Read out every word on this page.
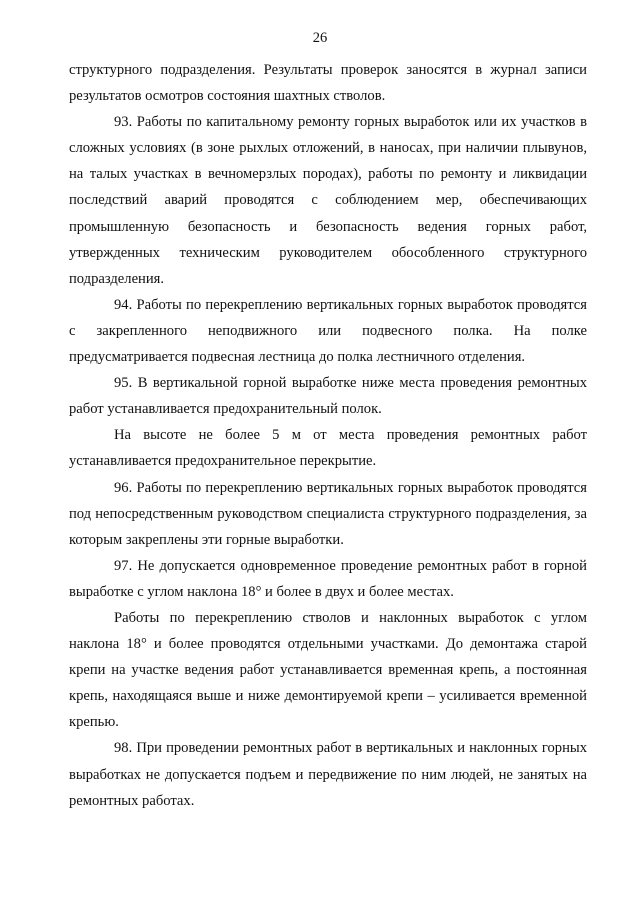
26

структурного подразделения. Результаты проверок заносятся в журнал записи результатов осмотров состояния шахтных стволов.

93. Работы по капитальному ремонту горных выработок или их участков в сложных условиях (в зоне рыхлых отложений, в наносах, при наличии плывунов, на талых участках в вечномерзлых породах), работы по ремонту и ликвидации последствий аварий проводятся с соблюдением мер, обеспечивающих промышленную безопасность и безопасность ведения горных работ, утвержденных техническим руководителем обособленного структурного подразделения.

94. Работы по перекреплению вертикальных горных выработок проводятся с закрепленного неподвижного или подвесного полка. На полке предусматривается подвесная лестница до полка лестничного отделения.

95. В вертикальной горной выработке ниже места проведения ремонтных работ устанавливается предохранительный полок.

На высоте не более 5 м от места проведения ремонтных работ устанавливается предохранительное перекрытие.

96. Работы по перекреплению вертикальных горных выработок проводятся под непосредственным руководством специалиста структурного подразделения, за которым закреплены эти горные выработки.

97. Не допускается одновременное проведение ремонтных работ в горной выработке с углом наклона 18° и более в двух и более местах.

Работы по перекреплению стволов и наклонных выработок с углом наклона 18° и более проводятся отдельными участками. До демонтажа старой крепи на участке ведения работ устанавливается временная крепь, а постоянная крепь, находящаяся выше и ниже демонтируемой крепи – усиливается временной крепью.

98. При проведении ремонтных работ в вертикальных и наклонных горных выработках не допускается подъем и передвижение по ним людей, не занятых на ремонтных работах.
